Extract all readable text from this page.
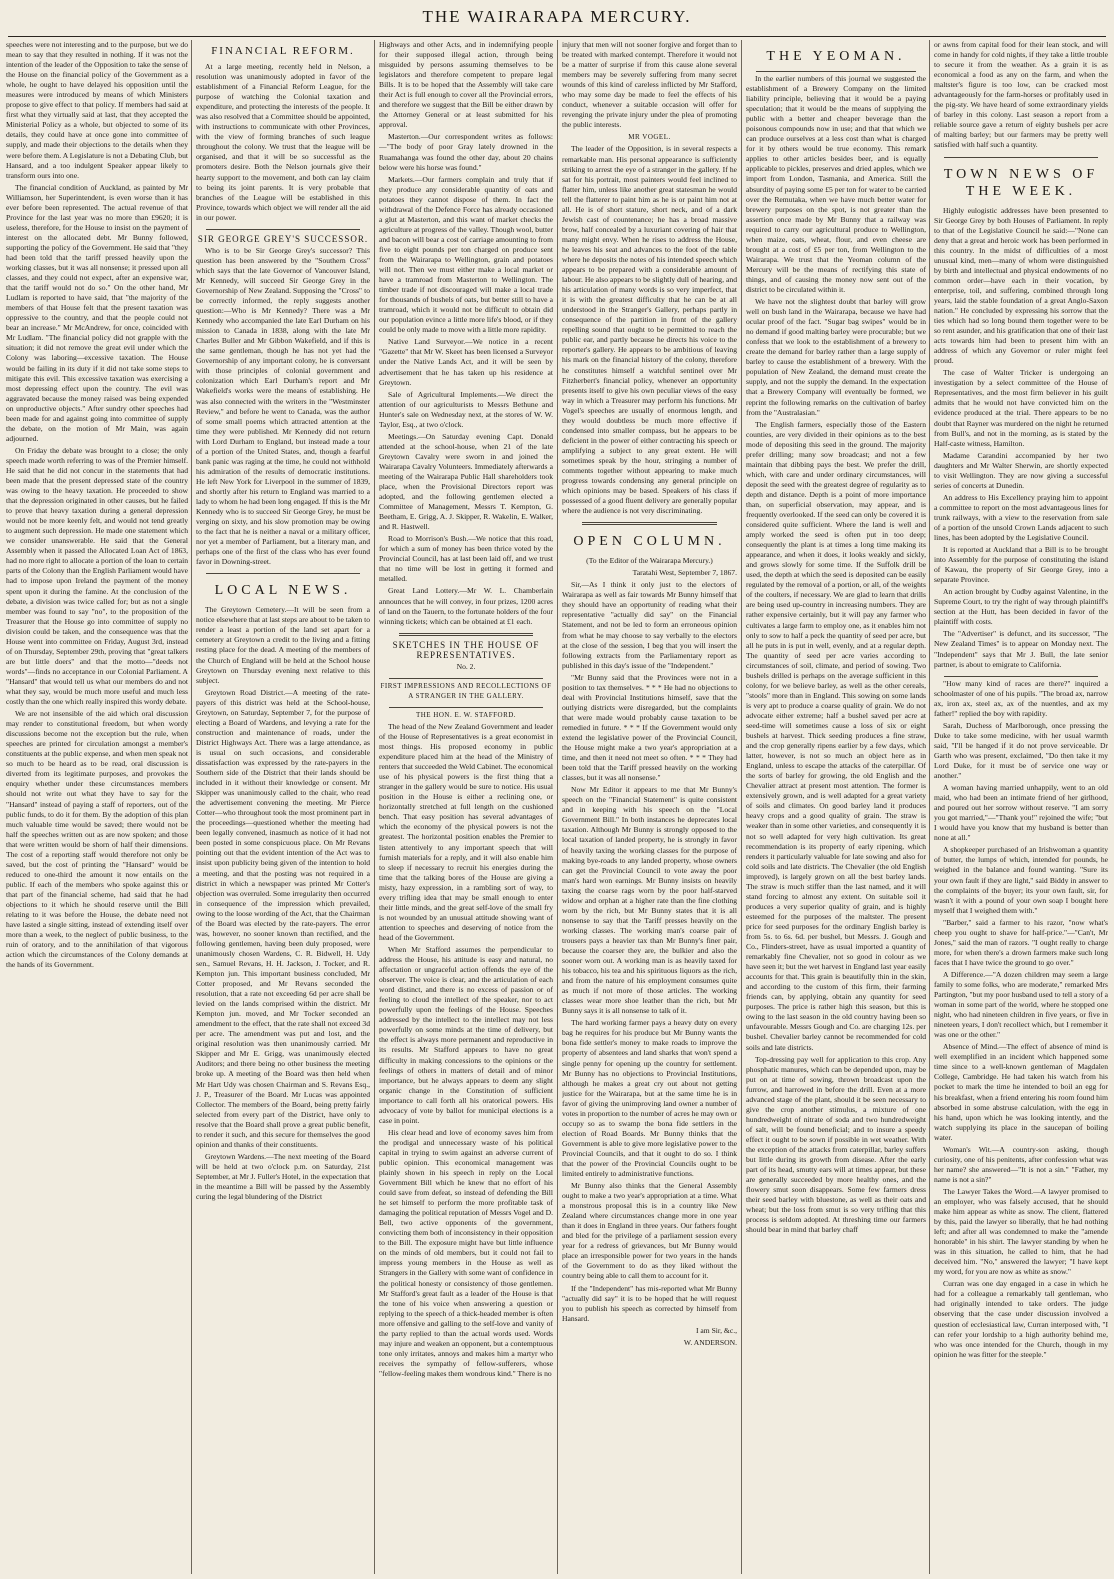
THE WAIRARAPA MERCURY.

speeches were not interesting and to the purpose, but we do mean to say that they resulted in nothing. If it was not the intention of the leader of the Opposition to take the sense of the House on the financial policy of the Government as a whole, he ought to have delayed his opposition until the measures were introduced by means of which Ministers propose to give effect to that policy. If members had said at first what they virtually said at last, that they accepted the Ministerial Policy as a whole, but objected to some of its details, they could have at once gone into committee of supply, and made their objections to the details when they were before them. A Legislature is not a Debating Club, but Hansard, and a too indulgent Speaker appear likely to transform ours into one.

The financial condition of Auckland, as painted by Mr Williamson, her Superintendent, is even worse than it has ever before been represented. The actual revenue of that Province for the last year was no more than £9620; it is useless, therefore, for the House to insist on the payment of interest on the allocated debt. Mr Bunny followed, supporting the policy of the Government. He said that "they had been told that the tariff pressed heavily upon the working classes, but it was all nonsense; it pressed upon all classes, and they could not expect, after an expensive war, that the tariff would not do so." On the other hand, Mr Ludlam is reported to have said, that "the majority of the members of that House felt that the present taxation was oppressive to the country, and that the people could not bear an increase." Mr McAndrew, for once, coincided with Mr Ludlam. "The financial policy did not grapple with the situation; it did not remove the great evil under which the Colony was laboring—excessive taxation. The House would be failing in its duty if it did not take some steps to mitigate this evil. This excessive taxation was exercising a most depressing effect upon the country. The evil was aggravated because the money raised was being expended on unproductive objects." After sundry other speeches had been made for and against going into committee of supply the debate, on the motion of Mr Main, was again adjourned.

On Friday the debate was brought to a close; the only speech made worth referring to was of the Premier himself. He said that he did not concur in the statements that had been made that the present depressed state of the country was owing to the heavy taxation. He proceeded to show that the depression originated in other causes, but he failed to prove that heavy taxation during a general depression would not be more keenly felt, and would not tend greatly to augment such depression. He made one statement which we consider unanswerable. He said that the General Assembly when it passed the Allocated Loan Act of 1863, had no more right to allocate a portion of the loan to certain parts of the Colony than the English Parliament would have had to impose upon Ireland the payment of the money spent upon it during the famine. At the conclusion of the debate, a division was twice called for; but as not a single member was found to say "no", to the proposition of the Treasurer that the House go into committee of supply no division could be taken, and the consequence was that the House went into committee on Friday, August 3rd, instead of on Thursday, September 29th, proving that "great talkers are but little doers" and that the motto—"deeds not words"—finds no acceptance in our Colonial Parliament. A "Hansard" that would tell us what our members do and not what they say, would be much more useful and much less costly than the one which really inspired this wordy debate.

We are not insensible of the aid which oral discussion may render to constitutional freedom, but when wordy discussions become not the exception but the rule, when speeches are printed for circulation amongst a member's constituents at the public expense, and when men speak not so much to be heard as to be read, oral discussion is diverted from its legitimate purposes, and provokes the enquiry whether under these circumstances members should not write out what they have to say for the "Hansard" instead of paying a staff of reporters, out of the public funds, to do it for them. By the adoption of this plan much valuable time would be saved; there would not be half the speeches written out as are now spoken; and those that were written would be shorn of half their dimensions. The cost of a reporting staff would therefore not only be saved, but the cost of printing the "Hansard" would be reduced to one-third the amount it now entails on the public. If each of the members who spoke against this or that part of the financial scheme, had said that he had objections to it which he should reserve until the Bill relating to it was before the House, the debate need not have lasted a single sitting, instead of extending itself over more than a week, to the neglect of public business, to the ruin of oratory, and to the annihilation of that vigorous action which the circumstances of the Colony demands at the hands of its Government.

FINANCIAL REFORM.

At a large meeting, recently held in Nelson, a resolution was unanimously adopted in favor of the establishment of a Financial Reform League, for the purpose of watching the Colonial taxation and expenditure, and protecting the interests of the people. It was also resolved that a Committee should be appointed, with instructions to communicate with other Provinces, with the view of forming branches of such league throughout the colony. We trust that the league will be organised, and that it will be so successful as the promoters desire. Both the Nelson journals give their hearty support to the movement, and both can lay claim to being its joint parents. It is very probable that branches of the League will be established in this Province, towards which object we will render all the aid in our power.

SIR GEORGE GREY'S SUCCESSOR.

Who is to be Sir George Grey's successor? This question has been answered by the "Southern Cross" which says that the late Governor of Vancouver Island, Mr Kennedy, will succeed Sir George Grey in the Governorship of New Zealand. Supposing the "Cross" to be correctly informed, the reply suggests another question:—Who is Mr Kennedy? There was a Mr Kennedy who accompanied the late Earl Durham on his mission to Canada in 1838, along with the late Mr Charles Buller and Mr Gibbon Wakefield, and if this is the same gentleman, though he has not yet had the Governorship of any important colony, he is conversant with those principles of colonial government and colonization which Earl Durham's report and Mr Wakefield's works were the means of establishing. He was also connected with the writers in the "Westminster Review," and before he went to Canada, was the author of some small poems which attracted attention at the time they were published. Mr Kennedy did not return with Lord Durham to England, but instead made a tour of a portion of the United States, and, though a fearful bank panic was raging at the time, he could not withhold his admiration of the results of democratic institutions. He left New York for Liverpool in the summer of 1839, and shortly after his return to England was married to a lady to whom he had been long engaged. If this is the Mr Kennedy who is to succeed Sir George Grey, he must be verging on sixty, and his slow promotion may be owing to the fact that he is neither a naval or a military officer, nor yet a member of Parliament, but a literary man, and perhaps one of the first of the class who has ever found favor in Downing-street.

LOCAL NEWS.

The Greytown Cemetery.—It will be seen from a notice elsewhere that at last steps are about to be taken to render a least a portion of the land set apart for a cemetery at Greytown a credit to the living and a fitting resting place for the dead. A meeting of the members of the Church of England will be held at the School house Greytown on Thursday evening next relative to this subject.

Greytown Road District.—A meeting of the rate-payers of this district was held at the School-house, Greytown, on Saturday, September 7, for the purpose of electing a Board of Wardens, and levying a rate for the construction and maintenance of roads, under the District Highways Act. There was a large attendance, as is usual on such occasions, and considerable dissatisfaction was expressed by the rate-payers in the Southern side of the District that their lands should be included in it without their knowledge or consent. Mr Skipper was unanimously called to the chair, who read the advertisement convening the meeting. Mr Pierce Cotter—who throughout took the most prominent part in the proceedings—questioned whether the meeting had been legally convened, inasmuch as notice of it had not been posted in some conspicuous place. On Mr Revans pointing out that the evident intention of the Act was to insist upon publicity being given of the intention to hold a meeting, and that the posting was not required in a district in which a newspaper was printed Mr Cotter's objection was overruled. Some irregularity then occurred in consequence of the impression which prevailed, owing to the loose wording of the Act, that the Chairman of the Board was elected by the rate-payers. The error was, however, no sooner known than rectified, and the following gentlemen, having been duly proposed, were unanimously chosen Wardens, C. R. Bidwell, H. Udy sen., Samuel Revans, H. H. Jackson, J. Tocker, and R. Kempton jun. This important business concluded, Mr Cotter proposed, and Mr Revans seconded the resolution, that a rate not exceeding 6d per acre shall be levied on the lands comprised within the district. Mr Kempton jun. moved, and Mr Tocker seconded an amendment to the effect, that the rate shall not exceed 3d per acre. The amendment was put and lost, and the original resolution was then unanimously carried. Mr Skipper and Mr E. Grigg, was unanimously elected Auditors; and there being no other business the meeting broke up. A meeting of the Board was then held when Mr Hart Udy was chosen Chairman and S. Revans Esq., J. P., Treasurer of the Board. Mr Lucas was appointed Collector. The members of the Board, being pretty fairly selected from every part of the District, have only to resolve that the Board shall prove a great public benefit, to render it such, and this secure for themselves the good opinion and thanks of their constituents.

Greytown Wardens.—The next meeting of the Board will be held at two o'clock p.m. on Saturday, 21st September, at Mr J. Fuller's Hotel, in the expectation that in the meantime a Bill will be passed by the Assembly curing the legal blundering of the District

Highways and other Acts, and in indemnifying people for their supposed illegal action, through being misguided by persons assuming themselves to be legislators and therefore competent to prepare legal Bills. It is to be hoped that the Assembly will take care their Act is full enough to cover all the Provincial errors, and therefore we suggest that the Bill be either drawn by the Attorney General or at least submitted for his approval.

Masterton.—Our correspondent writes as follows:—"The body of poor Gray lately drowned in the Ruamahanga was found the other day, about 20 chains below were his horse was found."

Markets.—Our farmers complain and truly that if they produce any considerable quantity of oats and potatoes they cannot dispose of them. In fact the withdrawal of the Defence Force has already occasioned a glut at Masterton, and this want of market checks the agriculture at progress of the valley. Though wool, butter and bacon will bear a cost of carriage amounting to from five to eight pounds per ton charged on produce sent from the Wairarapa to Wellington, grain and potatoes will not. Then we must either make a local market or have a tramroad from Masterton to Wellington. The timber trade if not discouraged will make a local trade for thousands of bushels of oats, but better still to have a tramroad, which it would not be difficult to obtain did our population evince a little more life's blood, or if they could be only made to move with a little more rapidity.

Native Land Surveyor.—We notice in a recent "Gazette" that Mr W. Skeet has been licensed a Surveyor under the Native Lands Act, and it will be seen by advertisement that he has taken up his residence at Greytown.

Sale of Agricultural Implements.—We direct the attention of our agriculturists to Messrs Bethune and Hunter's sale on Wednesday next, at the stores of W. W. Taylor, Esq., at two o'clock.

Meetings.—On Saturday evening Capt. Donald attended at the school-house, when 21 of the late Greytown Cavalry were sworn in and joined the Wairarapa Cavalry Volunteers. Immediately afterwards a meeting of the Wairarapa Public Hall shareholders took place, when the Provisional Directors report was adopted, and the following gentlemen elected a Committee of Management, Messrs T. Kempton, G. Beetham, E. Grigg, A. J. Skipper, R. Wakelin, E. Walker, and R. Hastwell.

Road to Morrison's Bush.—We notice that this road, for which a sum of money has been thrice voted by the Provincial Council, has at last been laid off, and we trust that no time will be lost in getting it formed and metalled.

Great Land Lottery.—Mr W. L. Chamberlain announces that he will convey, in four prizes, 1200 acres of land on the Tauern, to the fortunate holders of the four winning tickets; which can be obtained at £1 each.

SKETCHES IN THE HOUSE OF REPRESENTATIVES.

No. 2.

FIRST IMPRESSIONS AND RECOLLECTIONS OF A STRANGER IN THE GALLERY.

THE HON. E. W. STAFFORD.

The head of the New Zealand Government and leader of the House of Representatives is a great economist in most things. His proposed economy in public expenditure placed him at the head of the Ministry of renters that succeeded the Weld Cabinet. The economical use of his physical powers is the first thing that a stranger in the gallery would be sure to notice. His usual position in the House is either a reclining one, or horizontally stretched at full length on the cushioned bench. That easy position has several advantages of which the economy of the physical powers is not the greatest. The horizontal position enables the Premier to listen attentively to any important speech that will furnish materials for a reply, and it will also enable him to sleep if necessary to recruit his energies during the time that the talking bores of the House are giving a misty, hazy expression, in a rambling sort of way, to every trifling idea that may be small enough to enter their little minds, and the great self-love of the small fry is not wounded by an unusual attitude showing want of attention to speeches and deserving of notice from the head of the Government.

When Mr Stafford assumes the perpendicular to address the House, his attitude is easy and natural, no affectation or ungraceful action offends the eye of the observer. The voice is clear, and the articulation of each word distinct, and there is no excess of passion or of feeling to cloud the intellect of the speaker, nor to act powerfully upon the feelings of the House. Speeches addressed by the intellect to the intellect may not less powerfully on some minds at the time of delivery, but the effect is always more permanent and reproductive in its results. Mr Stafford appears to have no great difficulty in making concessions to the opinions or the feelings of others in matters of detail and of minor importance, but he always appears to deem any slight organic change in the Constitution of sufficient importance to call forth all his oratorical powers. His advocacy of vote by ballot for municipal elections is a case in point.

His clear head and love of economy saves him from the prodigal and unnecessary waste of his political capital in trying to swim against an adverse current of public opinion. This economical management was plainly shown in his speech in reply on the Local Government Bill which he knew that no effort of his could save from defeat, so instead of defending the Bill he set himself to perform the more profitable task of damaging the political reputation of Messrs Vogel and D. Bell, two active opponents of the government, convicting them both of inconsistency in their opposition to the Bill. The exposure might have but little influence on the minds of old members, but it could not fail to impress young members in the House as well as Strangers in the Gallery with some want of confidence in the political honesty or consistency of those gentlemen. Mr Stafford's great fault as a leader of the House is that the tone of his voice when answering a question or replying to the speech of a thick-headed member is often more offensive and galling to the self-love and vanity of the party replied to than the actual words used. Words may injure and weaken an opponent, but a contemptuous tone only irritates, annoys and makes him a martyr who receives the sympathy of fellow-sufferers, whose "fellow-feeling makes them wondrous kind." There is no

injury that men will not sooner forgive and forget than to be treated with marked contempt. Therefore it would not be a matter of surprise if from this cause alone several members may be severely suffering from many secret wounds of this kind of careless inflicted by Mr Stafford, who may some day be made to feel the effects of his conduct, whenever a suitable occasion will offer for revenging the private injury under the plea of promoting the public interests.

MR VOGEL.

The leader of the Opposition, is in several respects a remarkable man. His personal appearance is sufficiently striking to arrest the eye of a stranger in the gallery. If he sat for his portrait, most painters would feel inclined to flatter him, unless like another great statesman he would tell the flatterer to paint him as he is or paint him not at all. He is of short stature, short neck, and of a dark Jewish cast of countenance; he has a broad massive brow, half concealed by a luxuriant covering of hair that many might envy. When he rises to address the House, he leaves his seat and advances to the foot of the table where he deposits the notes of his intended speech which appears to be prepared with a considerable amount of labour. He also appears to be slightly dull of hearing, and his articulation of many words is so very imperfect, that it is with the greatest difficulty that he can be at all understood in the Stranger's Gallery, perhaps partly in consequence of the partition in front of the gallery repelling sound that ought to be permitted to reach the public ear, and partly because he directs his voice to the reporter's gallery. He appears to be ambitious of leaving his mark on the financial history of the colony, therefore he constitutes himself a watchful sentinel over Mr Fitzherbert's financial policy, whenever an opportunity presents itself to give his own peculiar views of the easy way in which a Treasurer may perform his functions. Mr Vogel's speeches are usually of enormous length, and they would doubtless be much more effective if condensed into smaller compass, but he appears to be deficient in the power of either contracting his speech or amplifying a subject to any great extent. He will sometimes speak by the hour, stringing a number of comments together without appearing to make much progress towards condensing any general principle on which opinions may be based. Speakers of his class if possessed of a good fluent delivery are generally popular where the audience is not very discriminating.

OPEN COLUMN.

(To the Editor of the Wairarapa Mercury.)

Taratahi West, September 7, 1867.

Sir,—As I think it only just to the electors of Wairarapa as well as fair towards Mr Bunny himself that they should have an opportunity of reading what their representative "actually did say" on the Financial Statement, and not be led to form an erroneous opinion from what he may choose to say verbally to the electors at the close of the session, I beg that you will insert the following extracts from the Parliamentary report as published in this day's issue of the "Independent."

"Mr Bunny said that the Provinces were not in a position to tax themselves. * * * He had no objections to deal with Provincial Institutions himself, save that the outlying districts were disregarded, but the complaints that were made would probably cause taxation to be remedied in future. * * * If the Government would only extend the legislative power of the Provincial Council, the House might make a two year's appropriation at a time, and then it need not meet so often. * * * They had been told that the Tariff pressed heavily on the working classes, but it was all nonsense."

Now Mr Editor it appears to me that Mr Bunny's speech on the "Financial Statement" is quite consistent and in keeping with his speech on the "Local Government Bill." In both instances he deprecates local taxation. Although Mr Bunny is strongly opposed to the local taxation of landed property, he is strongly in favor of heavily taxing the working classes for the purpose of making bye-roads to any landed property, whose owners can get the Provincial Council to vote away the poor man's hard won earnings. Mr Bunny insists on heavily taxing the coarse rags worn by the poor half-starved widow and orphan at a higher rate than the fine clothing worn by the rich, but Mr Bunny states that it is all nonsense to say that the Tariff presses heavily on the working classes. The working man's coarse pair of trousers pays a heavier tax than Mr Bunny's finer pair, because the coarser they are, the bulkier and also the sooner worn out. A working man is as heavily taxed for his tobacco, his tea and his spirituous liquors as the rich, and from the nature of his employment consumes quite as much if not more of those articles. The working classes wear more shoe leather than the rich, but Mr Bunny says it is all nonsense to talk of it.

The hard working farmer pays a heavy duty on every bag he requires for his produce but Mr Bunny wants the bona fide settler's money to make roads to improve the property of absentees and land sharks that won't spend a single penny for opening up the country for settlement. Mr Bunny has no objections to Provincial Institutions, although he makes a great cry out about not getting justice for the Wairarapa, but at the same time he is in favor of giving the unimproving land owner a number of votes in proportion to the number of acres he may own or occupy so as to swamp the bona fide settlers in the election of Road Boards. Mr Bunny thinks that the Government is able to give more legislative power to the Provincial Councils, and that it ought to do so. I think that the power of the Provincial Councils ought to be limited entirely to administrative functions.

Mr Bunny also thinks that the General Assembly ought to make a two year's appropriation at a time. What a monstrous proposal this is in a country like New Zealand where circumstances change more in one year than it does in England in three years. Our fathers fought and bled for the privilege of a parliament session every year for a redress of grievances, but Mr Bunny would place an irresponsible power for two years in the hands of the Government to do as they liked without the country being able to call them to account for it.

If the "Independent" has mis-reported what Mr Bunny "actually did say" it is to be hoped that he will request you to publish his speech as corrected by himself from Hansard.

I am Sir, &c.,

W. ANDERSON.

THE YEOMAN.

In the earlier numbers of this journal we suggested the establishment of a Brewery Company on the limited liability principle, believing that it would be a paying speculation; that it would be the means of supplying the public with a better and cheaper beverage than the poisonous compounds now in use; and that that which we can produce ourselves at a less cost than what is charged for it by others would be true economy. This remark applies to other articles besides beer, and is equally applicable to pickles, preserves and dried apples, which we import from London, Tasmania, and America. Still the absurdity of paying some £5 per ton for water to be carried over the Remutaka, when we have much better water for brewery purposes on the spot, is not greater than the assertion once made by Mr Bunny that a railway was required to carry our agricultural produce to Wellington, when maize, oats, wheat, flour, and even cheese are brought at a cost of £5 per ton, from Wellington to the Wairarapa. We trust that the Yeoman column of the Mercury will be the means of rectifying this state of things, and of causing the money now sent out of the district to be circulated within it.

We have not the slightest doubt that barley will grow well on bush land in the Wairarapa, because we have had ocular proof of the fact. "Sugar bag swipes" would be in no demand if good malting barley were procurable; but we confess that we look to the establishment of a brewery to create the demand for barley rather than a large supply of barley to cause the establishment of a brewery. With the population of New Zealand, the demand must create the supply, and not the supply the demand. In the expectation that a Brewery Company will eventually be formed, we reprint the following remarks on the cultivation of barley from the "Australasian."

The English farmers, especially those of the Eastern counties, are very divided in their opinions as to the best mode of depositing this seed in the ground. The majority prefer drilling; many sow broadcast; and not a few maintain that dibbing pays the best. We prefer the drill, which, with care and under ordinary circumstances, will deposit the seed with the greatest degree of regularity as to depth and distance. Depth is a point of more importance than, on superficial observation, may appear, and is frequently overlooked. If the seed can only be covered it is considered quite sufficient. Where the land is well and amply worked the seed is often put in too deep; consequently the plant is at times a long time making its appearance, and when it does, it looks weakly and sickly, and grows slowly for some time. If the Suffolk drill be used, the depth at which the seed is deposited can be easily regulated by the removal of a portion, or all, of the weights of the coulters, if necessary. We are glad to learn that drills are being used up-country in increasing numbers. They are rather expensive certainly, but it will pay any farmer who cultivates a large farm to employ one, as it enables him not only to sow to half a peck the quantity of seed per acre, but all he puts in is put in well, evenly, and at a regular depth. The quantity of seed per acre varies according to circumstances of soil, climate, and period of sowing. Two bushels drilled is perhaps on the average sufficient in this colony, for we believe barley, as well as the other cereals, "stools" more than in England. This sowing on some lands is very apt to produce a coarse quality of grain. We do not advocate either extreme; half a bushel saved per acre at seed-time will sometimes cause a loss of six or eight bushels at harvest. Thick seeding produces a fine straw, and the crop generally ripens earlier by a few days, which latter, however, is not so much an object here as in England, unless to escape the attacks of the caterpillar. Of the sorts of barley for growing, the old English and the Chevalier attract at present most attention. The former is extensively grown, and is well adapted for a great variety of soils and climates. On good barley land it produces heavy crops and a good quality of grain. The straw is weaker than in some other varieties, and consequently it is not so well adapted for very high cultivation. Its great recommendation is its property of early ripening, which renders it particularly valuable for late sowing and also for cold soils and late districts. The Chevalier (the old English improved), is largely grown on all the best barley lands. The straw is much stiffer than the last named, and it will stand forcing to almost any extent. On suitable soil it produces a very superior quality of grain, and is highly esteemed for the purposes of the maltster. The present price for seed purposes for the ordinary English barley is from 5s. to 6s. 6d. per bushel, but Messrs. J. Gough and Co., Flinders-street, have as usual imported a quantity of remarkably fine Chevalier, not so good in colour as we have seen it; but the wet harvest in England last year easily accounts for that. This grain is beautifully thin in the skin, and according to the custom of this firm, their farming friends can, by applying, obtain any quantity for seed purposes. The price is rather high this season, but this is owing to the last season in the old country having been so unfavourable. Messrs Gough and Co. are charging 12s. per bushel. Chevalier barley cannot be recommended for cold soils and late districts.

Top-dressing pay well for application to this crop. Any phosphatic manures, which can be depended upon, may be put on at time of sowing, thrown broadcast upon the furrow, and harrowed in before the drill. Even at a more advanced stage of the plant, should it be seen necessary to give the crop another stimulus, a mixture of one hundredweight of nitrate of soda and two hundredweight of salt, will be found beneficial; and to insure a speedy effect it ought to be sown if possible in wet weather. With the exception of the attacks from caterpillar, barley suffers but little during its growth from disease. After the early part of its head, smutty ears will at times appear, but these are generally succeeded by more healthy ones, and the flowery smut soon disappears. Some few farmers dress their seed barley with bluestone, as well as their oats and wheat; but the loss from smut is so very trifling that this process is seldom adopted. At threshing time our farmers should bear in mind that barley chaff

or awns from capital food for their lean stock, and will come in handy for cold nights, if they take a little trouble to secure it from the weather. As a grain it is as economical a food as any on the farm, and when the maltster's figure is too low, can be cracked most advantageously for the farm-horses or profitably used in the pig-sty. We have heard of some extraordinary yields of barley in this colony. Last season a report from a reliable source gave a return of eighty bushels per acre of malting barley; but our farmers may be pretty well satisfied with half such a quantity.

TOWN NEWS OF THE WEEK.

Highly eulogistic addresses have been presented to Sir George Grey by both Houses of Parliament. In reply to that of the Legislative Council he said:—"None can deny that a great and heroic work has been performed in this country. In the midst of difficulties of a most unusual kind, men—many of whom were distinguished by birth and intellectual and physical endowments of no common order—have each in their vocation, by enterprise, toil, and suffering, combined through long years, laid the stable foundation of a great Anglo-Saxon nation." He concluded by expressing his sorrow that the ties which had so long bound them together were to be so rent asunder, and his gratification that one of their last acts towards him had been to present him with an address of which any Governor or ruler might feel proud.

The case of Walter Tricker is undergoing an investigation by a select committee of the House of Representatives, and the most firm believer in his guilt admits that he would not have convicted him on the evidence produced at the trial. There appears to be no doubt that Rayner was murdered on the night he returned from Bull's, and not in the morning, as is stated by the Half-caste witness, Hamilton.

Madame Carandini accompanied by her two daughters and Mr Walter Sherwin, are shortly expected to visit Wellington. They are now giving a successful series of concerts at Dunedin.

An address to His Excellency praying him to appoint a committee to report on the most advantageous lines for trunk railways, with a view to the reservation from sale of a portion of the unsold Crown Lands adjacent to such lines, has been adopted by the Legislative Council.

It is reported at Auckland that a Bill is to be brought into Assembly for the purpose of constituting the island of Kawau, the property of Sir George Grey, into a separate Province.

An action brought by Cudby against Valentine, in the Supreme Court, to try the right of way through plaintiff's section at the Hutt, has been decided in favor of the plaintiff with costs.

The "Advertiser" is defunct, and its successor, "The New Zealand Times" is to appear on Monday next. The "Independent" says that Mr J. Bull, the late senior partner, is about to emigrate to California.

"How many kind of races are there?" inquired a schoolmaster of one of his pupils. "The broad ax, narrow ax, iron ax, steel ax, ax of the nuentles, and ax my father!" replied the boy with rapidity.

Sarah, Duchess of Marlborough, once pressing the Duke to take some medicine, with her usual warmth said, "I'll be hanged if it do not prove serviceable. Dr Garth who was present, exclaimed, "Do then take it my Lord Duke, for it must be of service one way or another."

A woman having married unhappily, went to an old maid, who had been an intimate friend of her girlhood, and poured out her sorrow without reserve. "I am sorry you got married,"—"Thank you!" rejoined the wife; "but I would have you know that my husband is better than none at all."

A shopkeeper purchased of an Irishwoman a quantity of butter, the lumps of which, intended for pounds, he weighed in the balance and found wanting. "Sure its your own fault if they are light," said Biddy in answer to the complaints of the buyer; its your own fault, sir, for wasn't it with a pound of your own soap I bought here myself that I weighed them with."

"Barber," said a farmer to his razor, "now what's cheep you ought to shave for half-price."—"Can't, Mr Jones," said the man of razors. "I ought really to charge more, for when there's a drown farmers make such long faces that I have twice the ground to go over."

A Difference.—"A dozen children may seem a large family to some folks, who are moderate," remarked Mrs Partington, "but my poor husband used to tell a story of a woman in some part of the world, where he stopped one night, who had nineteen children in five years, or five in nineteen years, I don't recollect which, but I remember it was one or the other."

Absence of Mind.—The effect of absence of mind is well exemplified in an incident which happened some time since to a well-known gentleman of Magdalen College, Cambridge. He had taken his watch from his pocket to mark the time he intended to boil an egg for his breakfast, when a friend entering his room found him absorbed in some abstruse calculation, with the egg in his hand, upon which he was looking intently, and the watch supplying its place in the saucepan of boiling water.

Woman's Wit.—A country-son asking, though curiosity, one of his penitents, after confession what was her name? she answered—"It is not a sin." "Father, my name is not a sin?"

The Lawyer Takes the Word.—A lawyer promised to an employer, who was falsely accused, that he should make him appear as white as snow. The client, flattered by this, paid the lawyer so liberally, that he had nothing left; and after all was condemned to make the "amende honorable" in his shirt. The lawyer standing by when he was in this situation, he called to him, that he had deceived him. "No," answered the lawyer; "I have kept my word, for you are now as white as snow."

Curran was one day engaged in a case in which he had for a colleague a remarkably tall gentleman, who had originally intended to take orders. The judge observing that the case under discussion involved a question of ecclesiastical law, Curran interposed with, "I can refer your lordship to a high authority behind me, who was once intended for the Church, though in my opinion he was fitter for the steeple."
